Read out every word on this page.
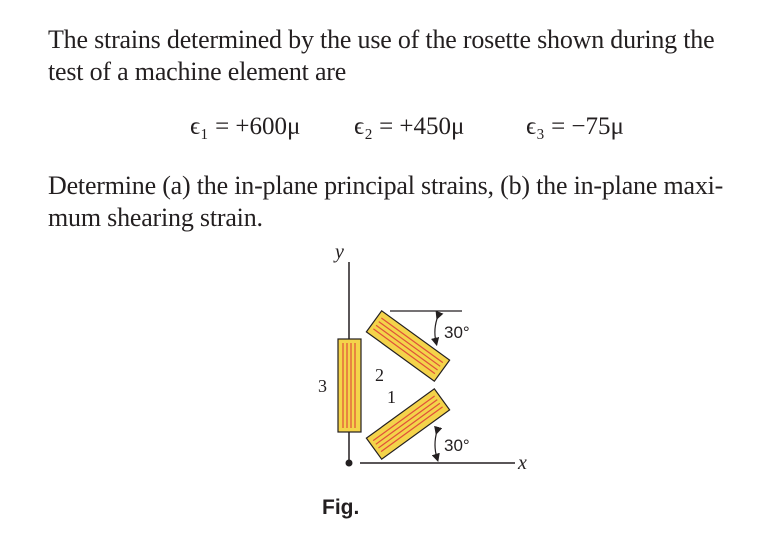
The strains determined by the use of the rosette shown during the test of a machine element are
ϵ₁ = +600μ ϵ₂ = +450μ ϵ₃ = −75μ
Determine (a) the in-plane principal strains, (b) the in-plane maxi-mum shearing strain.
y
x
3
2
1
30°
30°
Fig.
